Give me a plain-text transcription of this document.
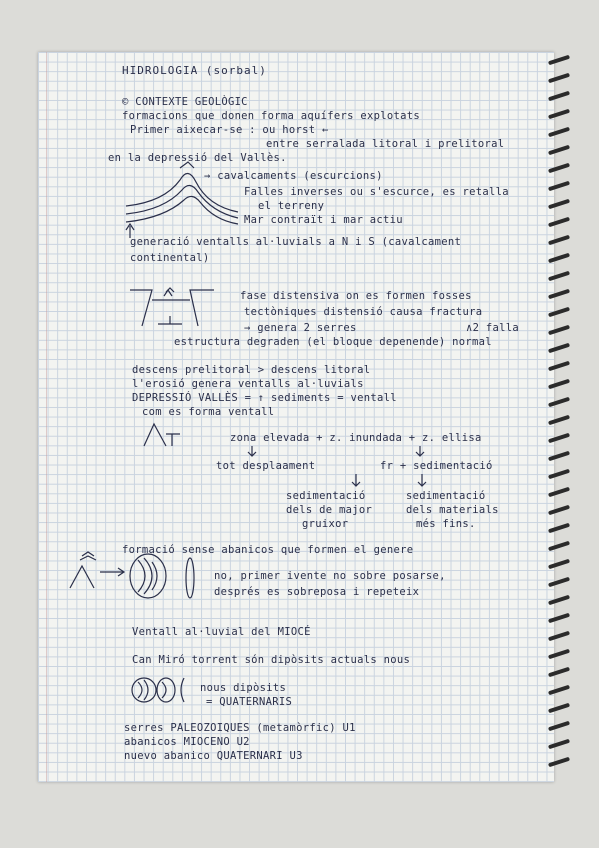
HIDROLOGIA (sorbal)
© CONTEXTE GEOLÒGIC
formacions que donen forma aquífers explotats
Primer aixecar-se : ou horst ←
entre serralada litoral i prelitoral
en la depressió del Vallès.
→ cavalcaments (escurcions)
Falles inverses ou s'escurce, es retalla
el terreny
Mar contraït i mar actiu
generació ventalls al·luvials a N i S (cavalcament
continental)
fase distensiva on es formen fosses
tectòniques distensió causa fractura
→ genera 2 serres	∧2 falla
estructura degraden (el bloque depenende) normal
descens prelitoral > descens litoral
l'erosió genera ventalls al·luvials
DEPRESSIÓ VALLÈS = ↑ sediments = ventall
com es forma ventall
zona elevada + z. inundada + z. ellisa
tot desplaament	fr + sedimentació
sedimentació	sedimentació
dels de major	dels materials
gruixor	més fins.
formació sense abanicos que formen el genere
no, primer ivente no sobre posarse,
després es sobreposa i repeteix
Ventall al·luvial del MIOCÉ
Can Miró torrent són dipòsits actuals nous
nous dipòsits
= QUATERNARIS
serres PALEOZOIQUES (metamòrfic) U1
abanicos MIOCENO U2
nuevo abanico QUATERNARI U3
